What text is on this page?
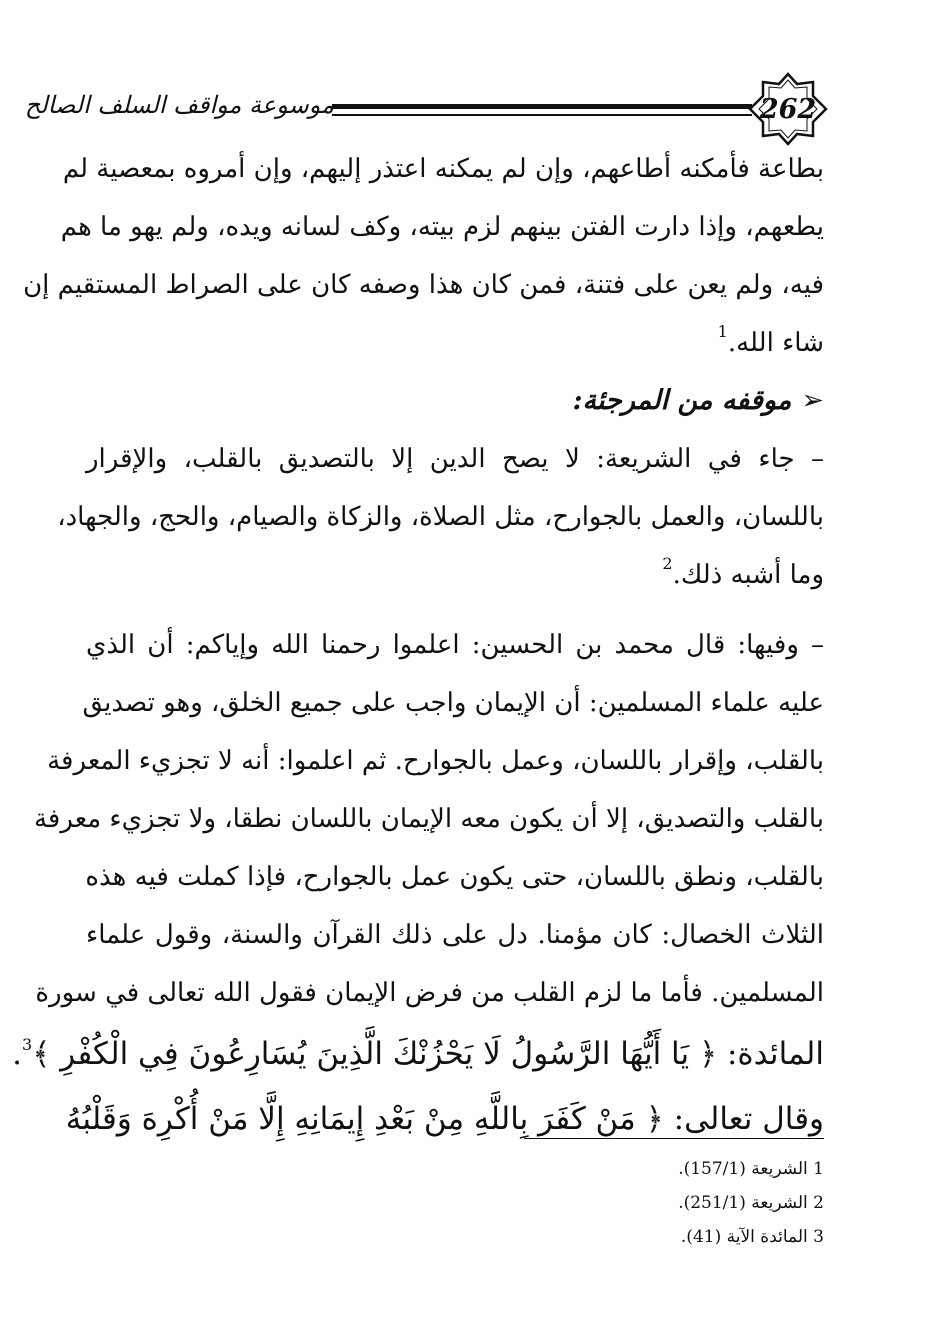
262
موسوعة مواقف السلف الصالح
بطاعة فأمكنه أطاعهم، وإن لم يمكنه اعتذر إليهم، وإن أمروه بمعصية لم
يطعهم، وإذا دارت الفتن بينهم لزم بيته، وكف لسانه ويده، ولم يهو ما هم
فيه، ولم يعن على فتنة، فمن كان هذا وصفه كان على الصراط المستقيم إن
شاء الله.$^1$
➢موقفه من المرجئة:
– جاء في الشريعة: لا يصح الدين إلا بالتصديق بالقلب، والإقرار
باللسان، والعمل بالجوارح، مثل الصلاة، والزكاة والصيام، والحج، والجهاد،
وما أشبه ذلك.$^2$
– وفيها: قال محمد بن الحسين: اعلموا رحمنا الله وإياكم: أن الذي
عليه علماء المسلمين: أن الإيمان واجب على جميع الخلق، وهو تصديق
بالقلب، وإقرار باللسان، وعمل بالجوارح. ثم اعلموا: أنه لا تجزيء المعرفة
بالقلب والتصديق، إلا أن يكون معه الإيمان باللسان نطقا، ولا تجزيء معرفة
بالقلب، ونطق باللسان، حتى يكون عمل بالجوارح، فإذا كملت فيه هذه
الثلاث الخصال: كان مؤمنا. دل على ذلك القرآن والسنة، وقول علماء
المسلمين. فأما ما لزم القلب من فرض الإيمان فقول الله تعالى في سورة
المائدة: ﴿ يَا أَيُّهَا الرَّسُولُ لَا يَحْزُنْكَ الَّذِينَ يُسَارِعُونَ فِي الْكُفْرِ ﴾$^3$.
وقال تعالى: ﴿ مَنْ كَفَرَ بِاللَّهِ مِنْ بَعْدِ إِيمَانِهِ إِلَّا مَنْ أُكْرِهَ وَقَلْبُهُ
1 الشريعة (157/1).
2 الشريعة (251/1).
3 المائدة الآية (41).
